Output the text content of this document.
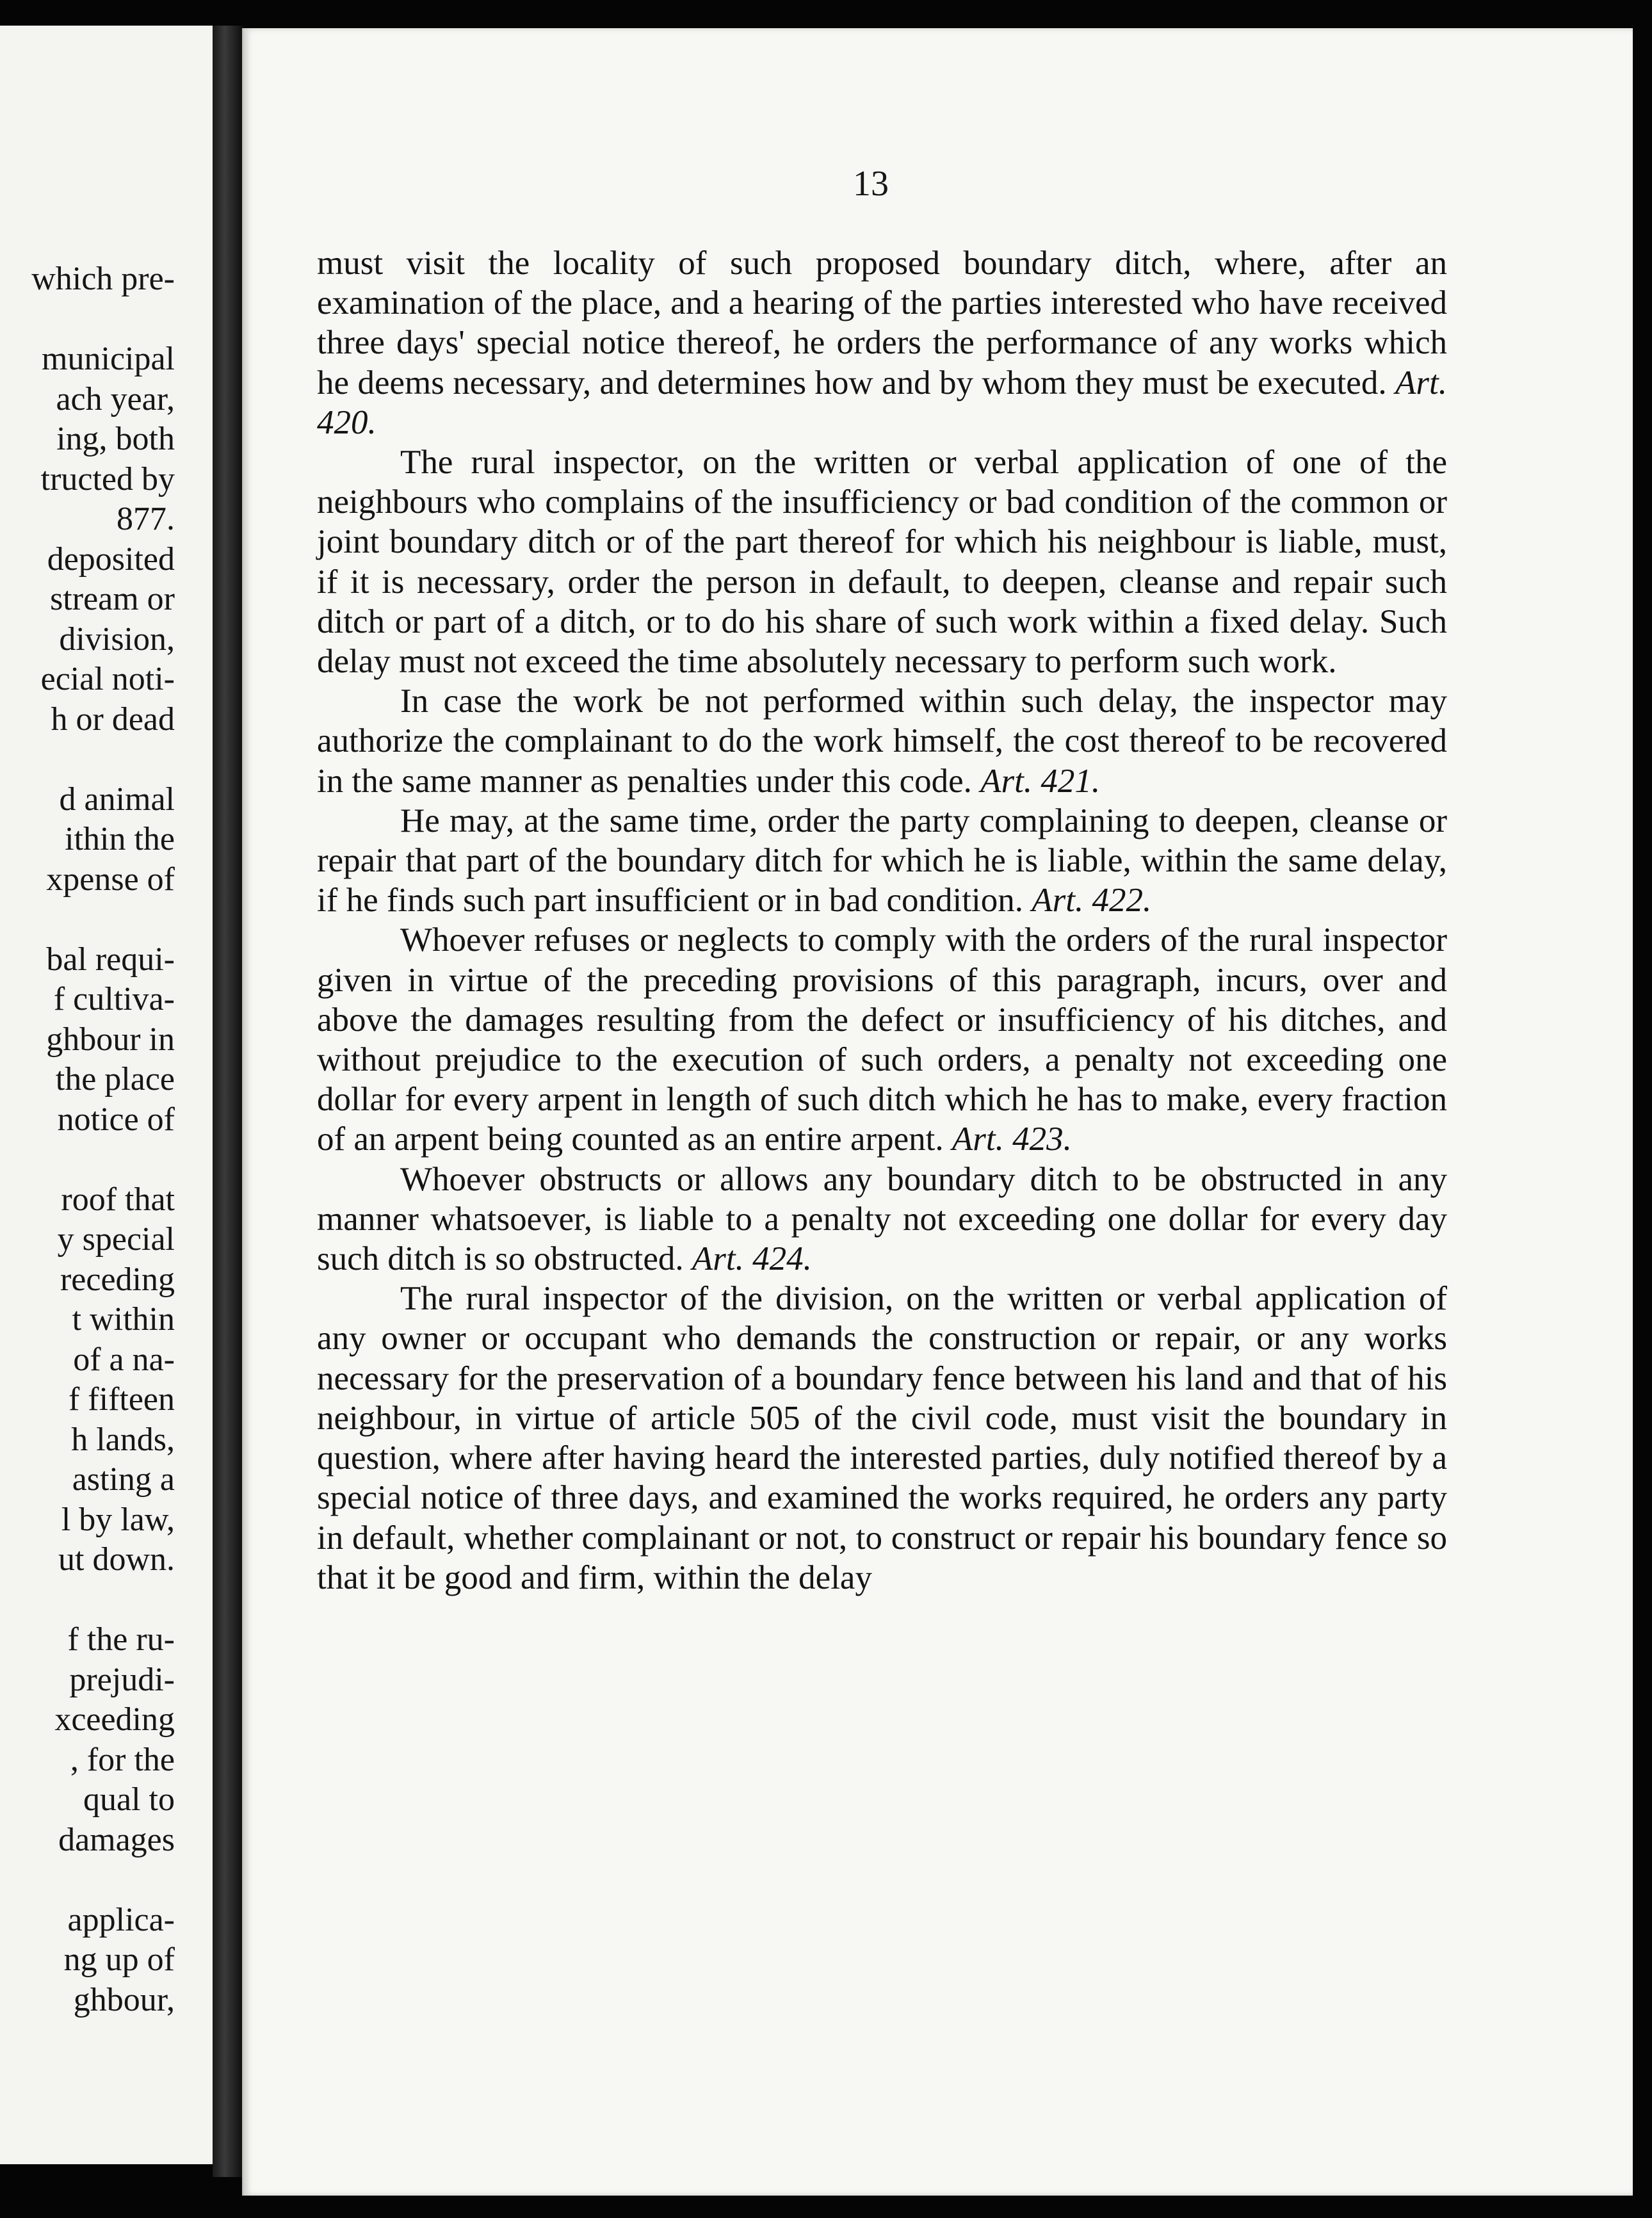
which pre-
municipal
ach year,
ing, both
tructed by
877.
deposited
stream or
division,
ecial noti-
h or dead
d animal
ithin the
xpense of
bal requi-
f cultiva-
ghbour in
the place
notice of
roof that
y special
receding
t within
of a na-
f fifteen
h lands,
asting a
l by law,
ut down.
f the ru-
prejudi-
xceeding
, for the
qual to
damages
applica-
ng up of
ghbour,
13

must visit the locality of such proposed boundary ditch, where, after an examination of the place, and a hearing of the parties interested who have received three days' special notice thereof, he orders the performance of any works which he deems necessary, and determines how and by whom they must be executed. Art. 420.

The rural inspector, on the written or verbal application of one of the neighbours who complains of the insufficiency or bad condition of the common or joint boundary ditch or of the part thereof for which his neighbour is liable, must, if it is necessary, order the person in default, to deepen, cleanse and repair such ditch or part of a ditch, or to do his share of such work within a fixed delay. Such delay must not exceed the time absolutely necessary to perform such work.

In case the work be not performed within such delay, the inspector may authorize the complainant to do the work himself, the cost thereof to be recovered in the same manner as penalties under this code. Art. 421.

He may, at the same time, order the party complaining to deepen, cleanse or repair that part of the boundary ditch for which he is liable, within the same delay, if he finds such part insufficient or in bad condition. Art. 422.

Whoever refuses or neglects to comply with the orders of the rural inspector given in virtue of the preceding provisions of this paragraph, incurs, over and above the damages resulting from the defect or insufficiency of his ditches, and without prejudice to the execution of such orders, a penalty not exceeding one dollar for every arpent in length of such ditch which he has to make, every fraction of an arpent being counted as an entire arpent. Art. 423.

Whoever obstructs or allows any boundary ditch to be obstructed in any manner whatsoever, is liable to a penalty not exceeding one dollar for every day such ditch is so obstructed. Art. 424.

The rural inspector of the division, on the written or verbal application of any owner or occupant who demands the construction or repair, or any works necessary for the preservation of a boundary fence between his land and that of his neighbour, in virtue of article 505 of the civil code, must visit the boundary in question, where after having heard the interested parties, duly notified thereof by a special notice of three days, and examined the works required, he orders any party in default, whether complainant or not, to construct or repair his boundary fence so that it be good and firm, within the delay
